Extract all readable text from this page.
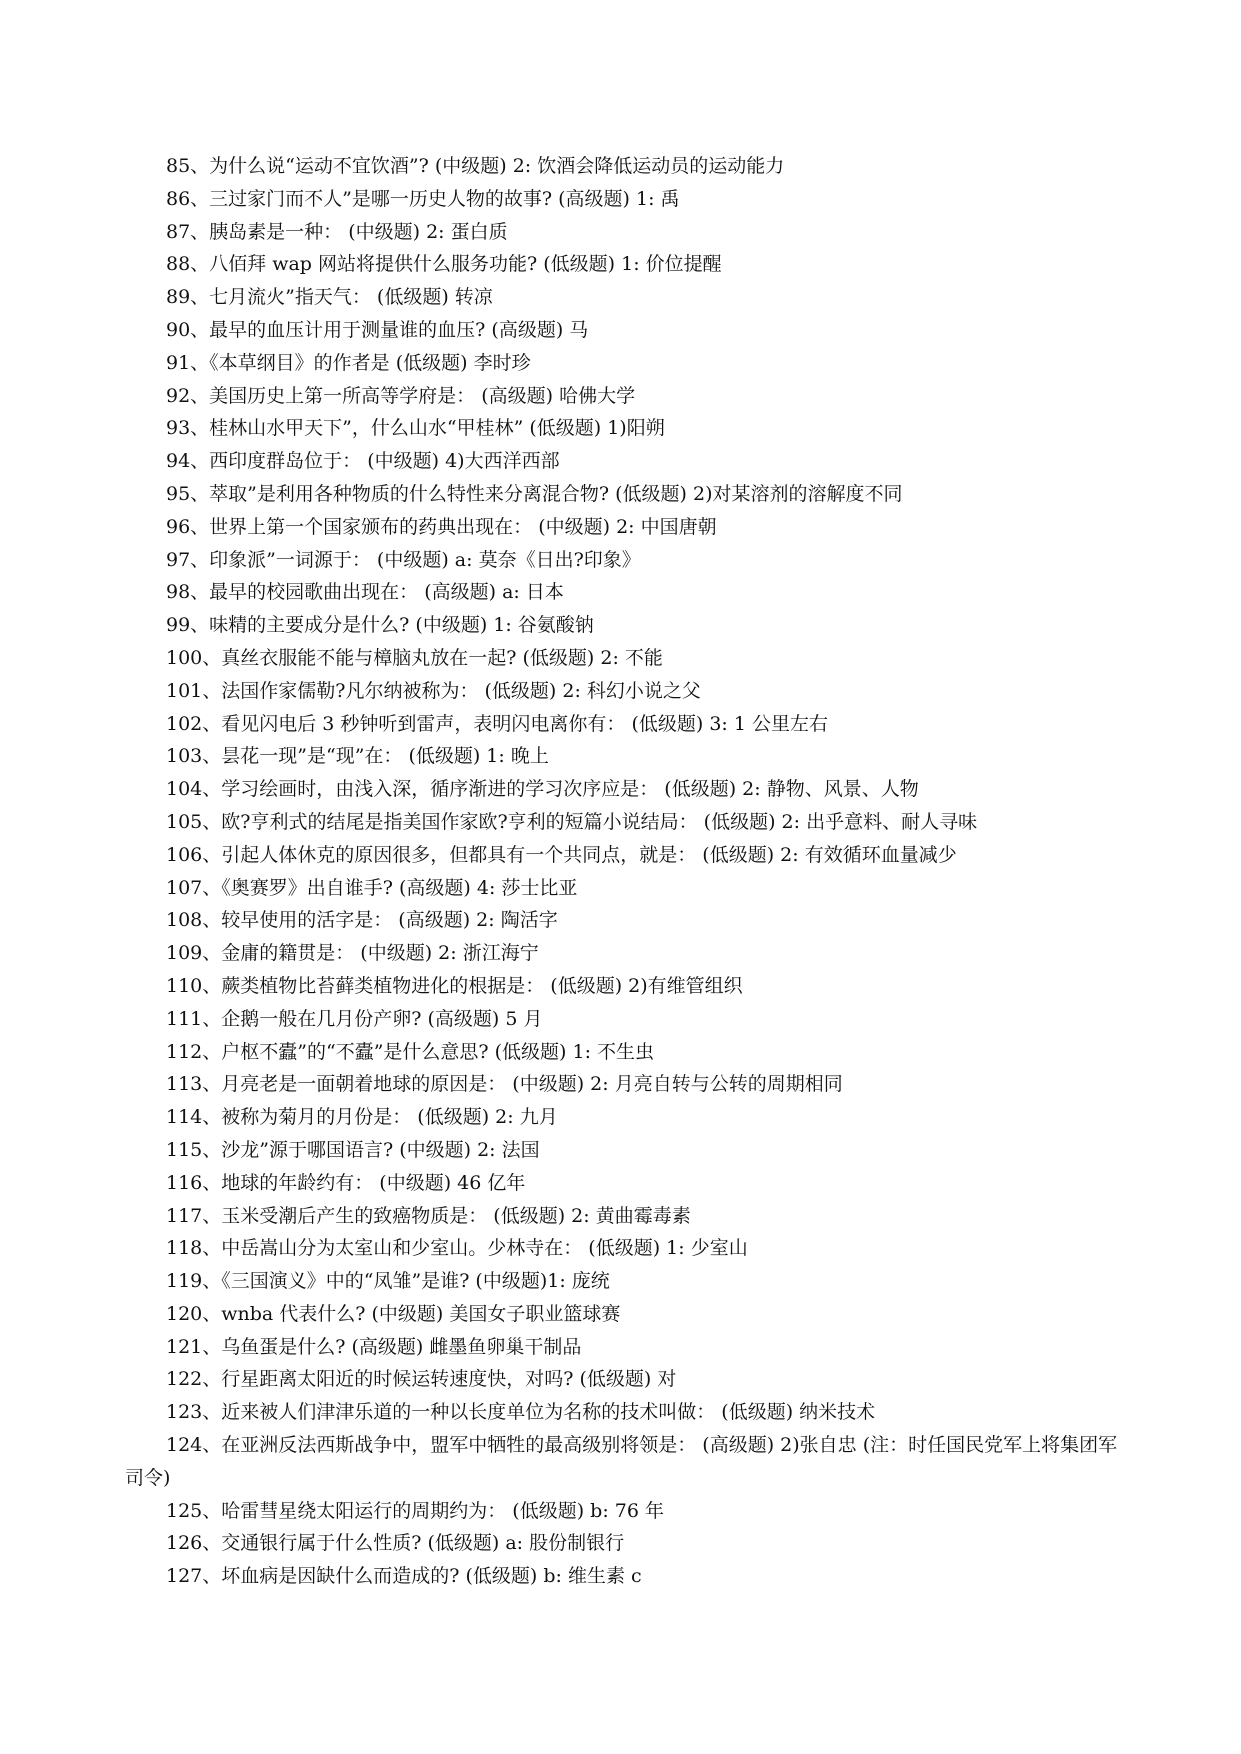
85、为什么说“运动不宜饮酒”? (中级题) 2: 饮酒会降低运动员的运动能力
86、三过家门而不人”是哪一历史人物的故事? (高级题) 1: 禹
87、胰岛素是一种： (中级题) 2: 蛋白质
88、八佰拜 wap 网站将提供什么服务功能? (低级题) 1: 价位提醒
89、七月流火”指天气： (低级题) 转凉
90、最早的血压计用于测量谁的血压? (高级题) 马
91、《本草纲目》的作者是 (低级题) 李时珍
92、美国历史上第一所高等学府是： (高级题) 哈佛大学
93、桂林山水甲天下”，什么山水“甲桂林” (低级题) 1)阳朔
94、西印度群岛位于： (中级题) 4)大西洋西部
95、萃取”是利用各种物质的什么特性来分离混合物? (低级题) 2)对某溶剂的溶解度不同
96、世界上第一个国家颁布的药典出现在： (中级题) 2: 中国唐朝
97、印象派”一词源于： (中级题) a: 莫奈《日出?印象》
98、最早的校园歌曲出现在： (高级题) a: 日本
99、味精的主要成分是什么? (中级题) 1: 谷氨酸钠
100、真丝衣服能不能与樟脑丸放在一起? (低级题) 2: 不能
101、法国作家儒勒?凡尔纳被称为： (低级题) 2: 科幻小说之父
102、看见闪电后 3 秒钟听到雷声，表明闪电离你有： (低级题) 3: 1 公里左右
103、昙花一现”是“现”在： (低级题) 1: 晚上
104、学习绘画时，由浅入深，循序渐进的学习次序应是： (低级题) 2: 静物、风景、人物
105、欧?亨利式的结尾是指美国作家欧?亨利的短篇小说结局： (低级题) 2: 出乎意料、耐人寻味
106、引起人体休克的原因很多，但都具有一个共同点，就是： (低级题) 2: 有效循环血量减少
107、《奥赛罗》出自谁手? (高级题) 4: 莎士比亚
108、较早使用的活字是： (高级题) 2: 陶活字
109、金庸的籍贯是： (中级题) 2: 浙江海宁
110、蕨类植物比苔藓类植物进化的根据是： (低级题) 2)有维管组织
111、企鹅一般在几月份产卵? (高级题) 5 月
112、户枢不蠹”的“不蠹”是什么意思? (低级题) 1: 不生虫
113、月亮老是一面朝着地球的原因是： (中级题) 2: 月亮自转与公转的周期相同
114、被称为菊月的月份是： (低级题) 2: 九月
115、沙龙”源于哪国语言? (中级题) 2: 法国
116、地球的年龄约有： (中级题) 46 亿年
117、玉米受潮后产生的致癌物质是： (低级题) 2: 黄曲霉毒素
118、中岳嵩山分为太室山和少室山。少林寺在： (低级题) 1: 少室山
119、《三国演义》中的“凤雏”是谁? (中级题)1: 庞统
120、wnba 代表什么? (中级题) 美国女子职业篮球赛
121、乌鱼蛋是什么? (高级题) 雌墨鱼卵巢干制品
122、行星距离太阳近的时候运转速度快，对吗? (低级题) 对
123、近来被人们津津乐道的一种以长度单位为名称的技术叫做： (低级题) 纳米技术
124、在亚洲反法西斯战争中，盟军中牺牲的最高级别将领是： (高级题) 2)张自忠 (注：时任国民党军上将集团军司令)
125、哈雷彗星绕太阳运行的周期约为： (低级题) b: 76 年
126、交通银行属于什么性质? (低级题) a: 股份制银行
127、坏血病是因缺什么而造成的? (低级题) b: 维生素 c
